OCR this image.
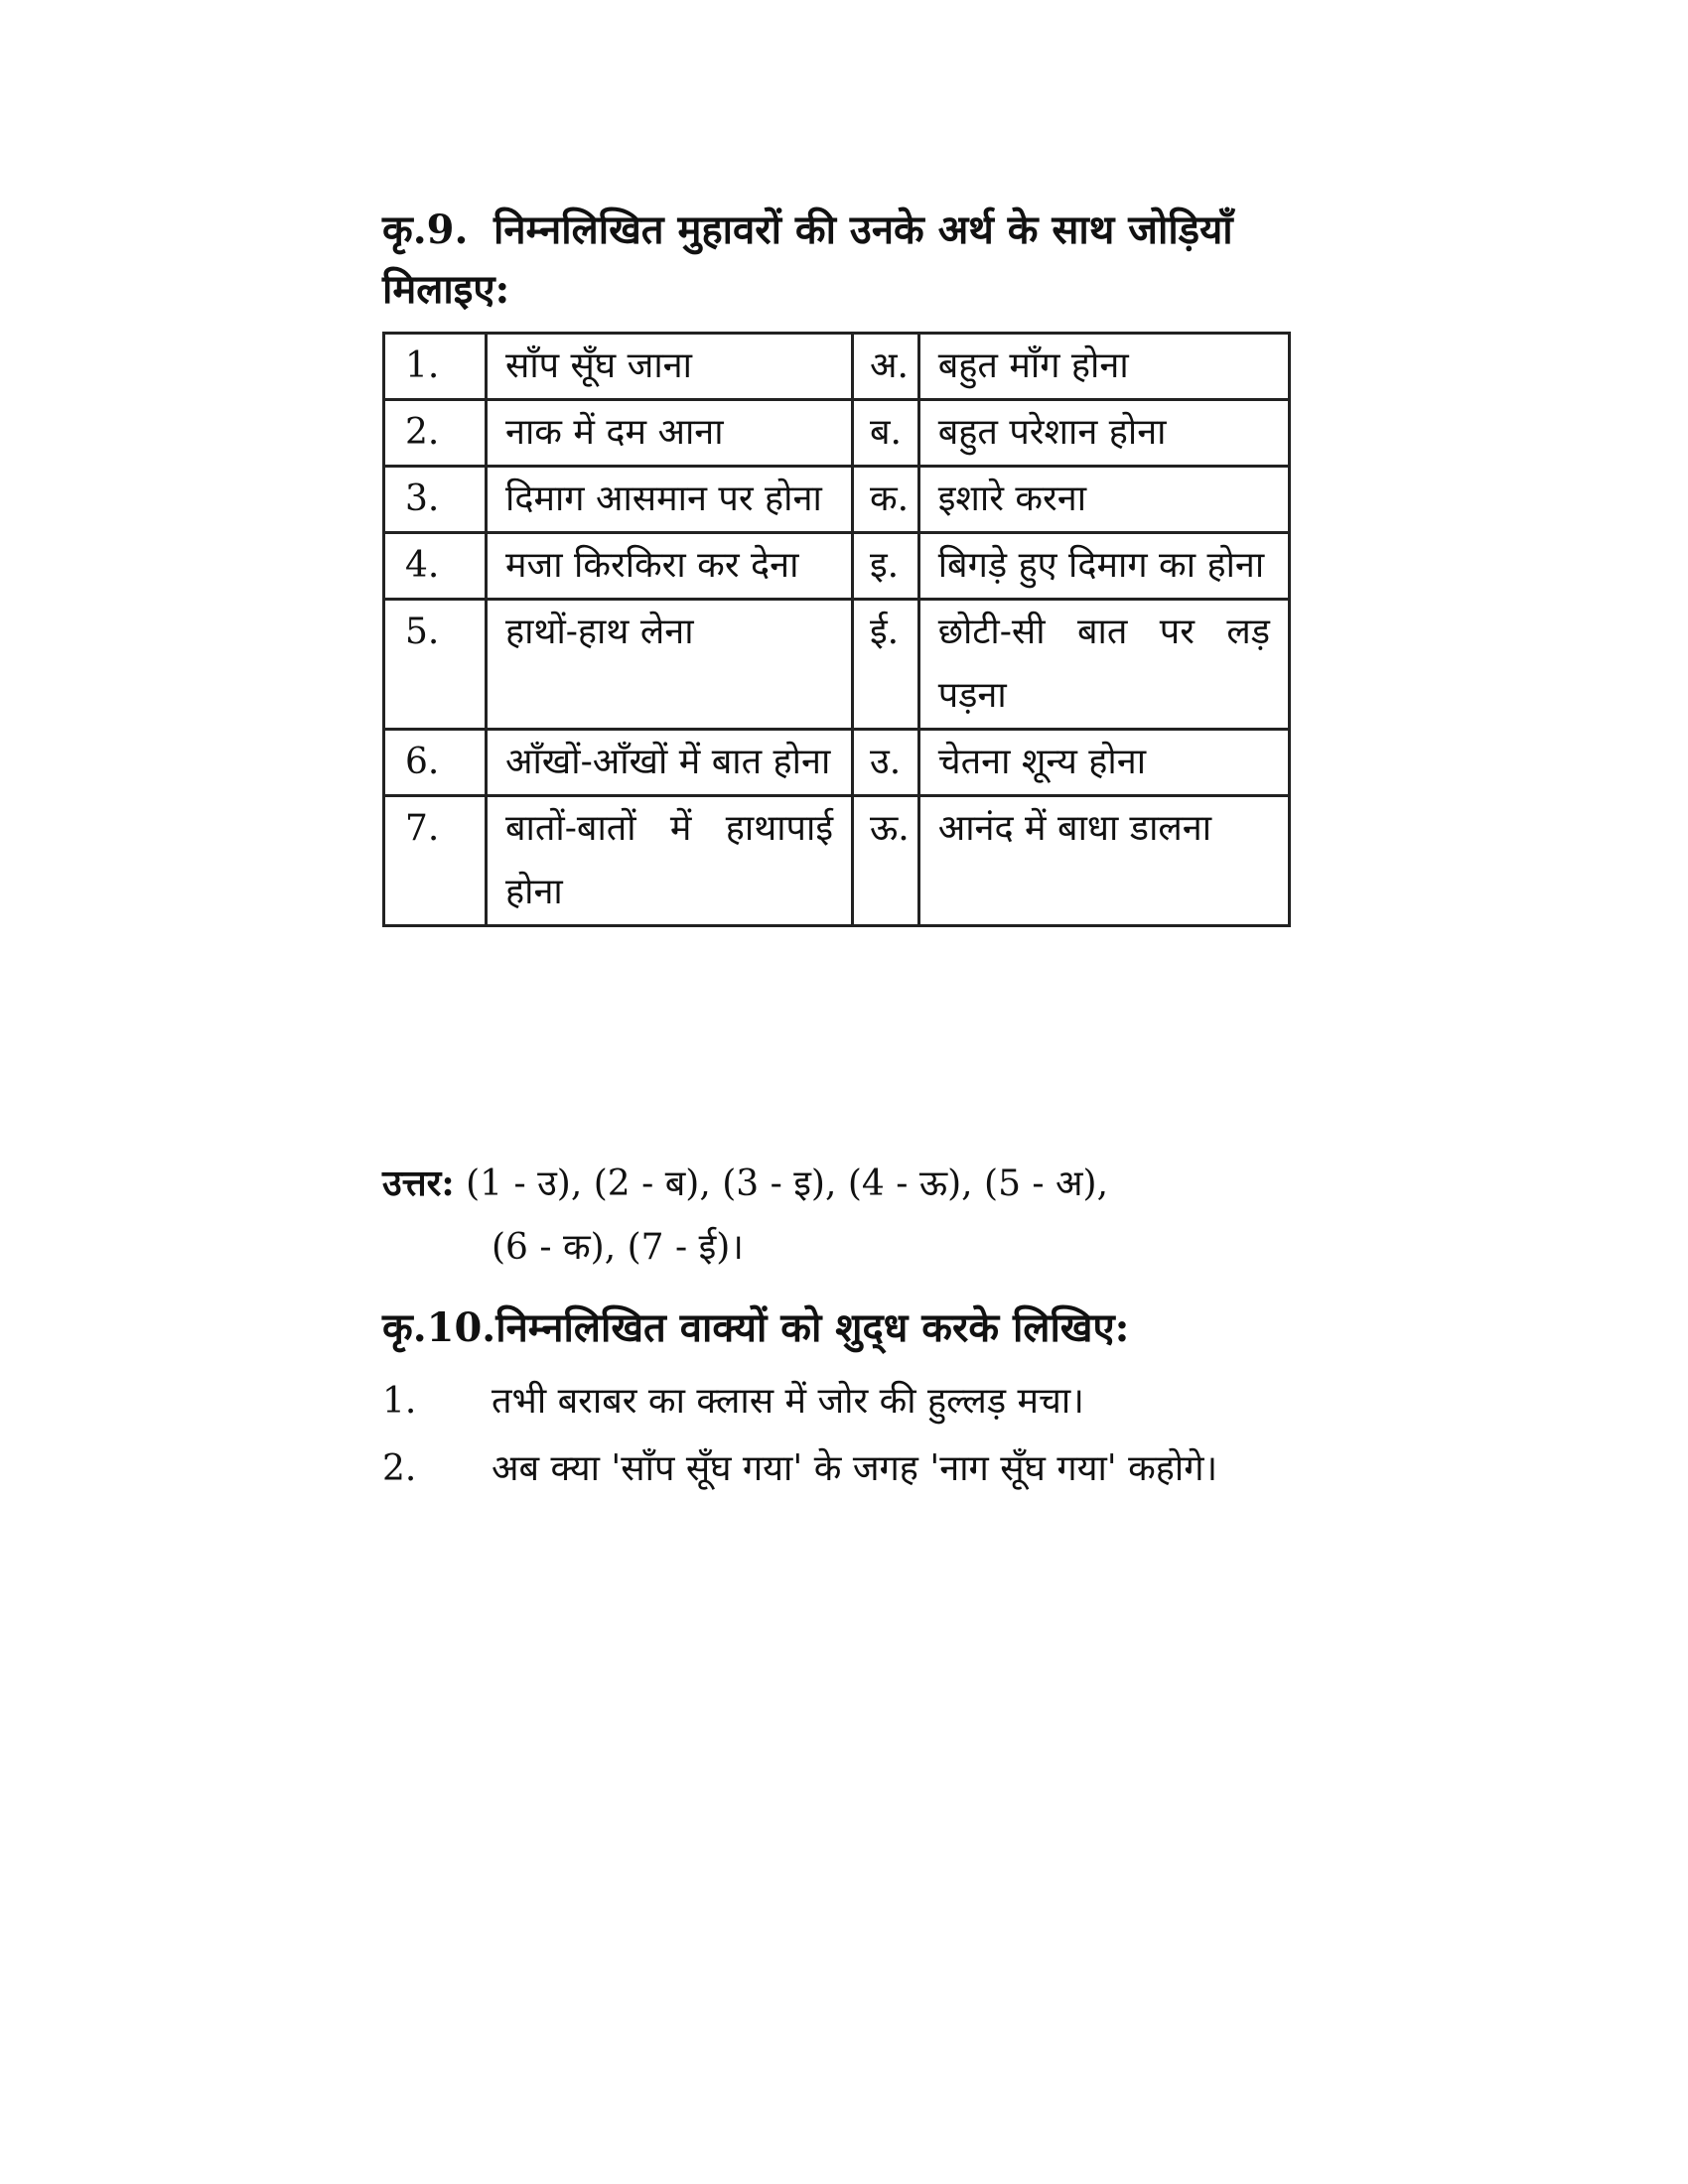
कृ.9. निम्नलिखित मुहावरों की उनके अर्थ के साथ जोड़ियाँ मिलाइए:
1.	साँप सूँघ जाना	अ.	बहुत माँग होना
2.	नाक में दम आना	ब.	बहुत परेशान होना
3.	दिमाग आसमान पर होना	क.	इशारे करना
4.	मजा किरकिरा कर देना	इ.	बिगड़े हुए दिमाग का होना
5.	हाथों-हाथ लेना	ई.	छोटी-सी बात पर लड़ पड़ना
6.	आँखों-आँखों में बात होना	उ.	चेतना शून्य होना
7.	बातों-बातों में हाथापाई होना	ऊ.	आनंद में बाधा डालना
उत्तर: (1 - उ), (2 - ब), (3 - इ), (4 - ऊ), (5 - अ),
(6 - क), (7 - ई)।
कृ.10.निम्नलिखित वाक्यों को शुद्‌ध करके लिखिए:
1.	तभी बराबर का क्लास में जोर की हुल्लड़ मचा।
2.	अब क्या 'साँप सूँघ गया' के जगह 'नाग सूँघ गया' कहोगे।
